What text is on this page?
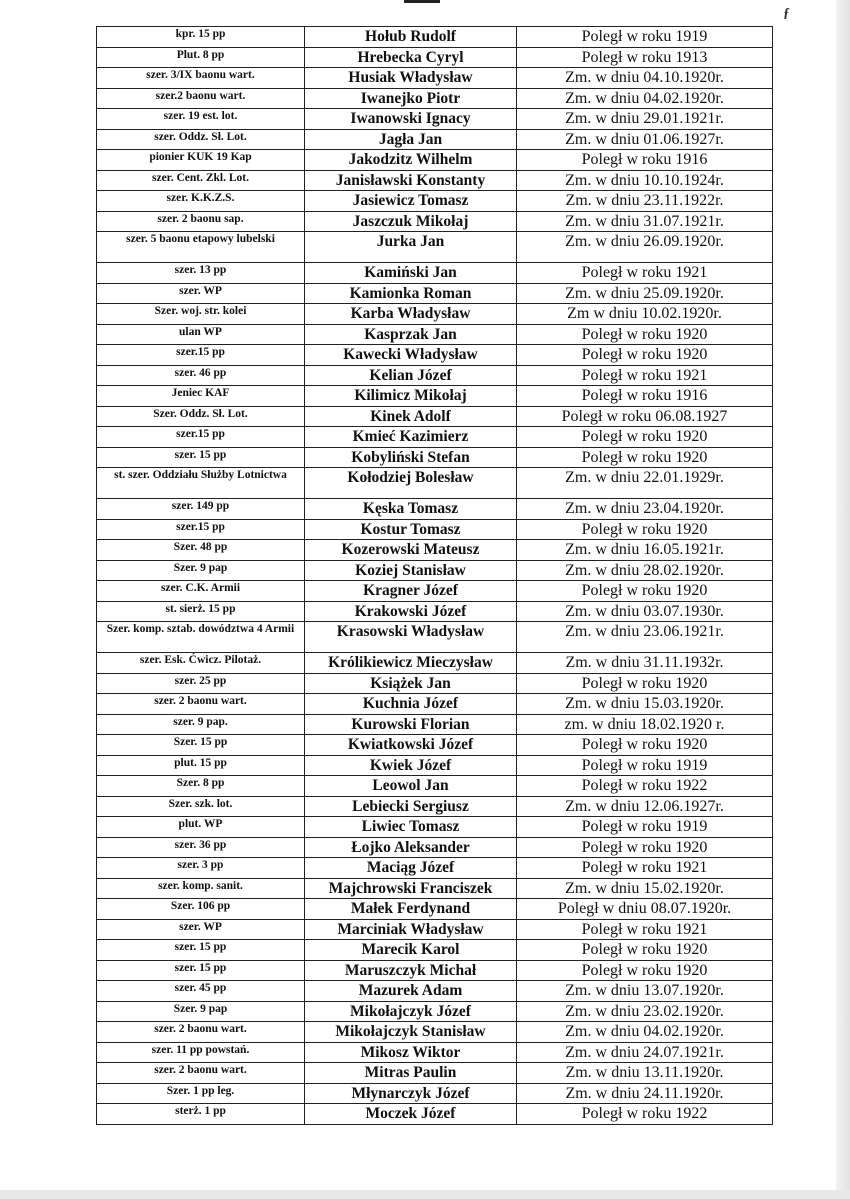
ƒ
kpr. 15 pp	Hołub Rudolf	Poległ w roku 1919
Plut. 8 pp	Hrebecka Cyryl	Poległ w roku 1913
szer. 3/IX baonu wart.	Husiak Władysław	Zm. w dniu 04.10.1920r.
szer.2 baonu wart.	Iwanejko Piotr	Zm. w dniu 04.02.1920r.
szer. 19 est. lot.	Iwanowski Ignacy	Zm. w dniu 29.01.1921r.
szer. Oddz. Sł. Lot.	Jagła Jan	Zm. w dniu 01.06.1927r.
pionier KUK 19 Kap	Jakodzitz Wilhelm	Poległ w roku 1916
szer. Cent. Zkl. Lot.	Janisławski Konstanty	Zm. w dniu 10.10.1924r.
szer. K.K.Z.S.	Jasiewicz Tomasz	Zm. w dniu 23.11.1922r.
szer. 2 baonu sap.	Jaszczuk Mikołaj	Zm. w dniu 31.07.1921r.
szer. 5 baonu etapowy lubelski	Jurka Jan	Zm. w dniu 26.09.1920r.
szer. 13 pp	Kamiński Jan	Poległ w roku 1921
szer. WP	Kamionka Roman	Zm. w dniu 25.09.1920r.
Szer. woj. str. kolei	Karba Władysław	Zm w dniu 10.02.1920r.
ulan WP	Kasprzak Jan	Poległ w roku 1920
szer.15 pp	Kawecki Władysław	Poległ w roku 1920
szer. 46 pp	Kelian Józef	Poległ w roku 1921
Jeniec KAF	Kilimicz Mikołaj	Poległ w roku 1916
Szer. Oddz. Sł. Lot.	Kinek Adolf	Poległ w roku 06.08.1927
szer.15 pp	Kmieć Kazimierz	Poległ w roku 1920
szer. 15 pp	Kobyliński Stefan	Poległ w roku 1920
st. szer. Oddziału Służby Lotnictwa	Kołodziej Bolesław	Zm. w dniu 22.01.1929r.
szer. 149 pp	Kęska Tomasz	Zm. w dniu 23.04.1920r.
szer.15 pp	Kostur Tomasz	Poległ w roku 1920
Szer. 48 pp	Kozerowski Mateusz	Zm. w dniu 16.05.1921r.
Szer. 9 pap	Koziej Stanisław	Zm. w dniu 28.02.1920r.
szer. C.K. Armii	Kragner Józef	Poległ w roku 1920
st. sierż. 15 pp	Krakowski Józef	Zm. w dniu 03.07.1930r.
Szer. komp. sztab. dowództwa 4 Armii	Krasowski Władysław	Zm. w dniu 23.06.1921r.
szer. Esk. Ćwicz. Pilotaż.	Królikiewicz Mieczysław	Zm. w dniu 31.11.1932r.
szer. 25 pp	Książek Jan	Poległ w roku 1920
szer. 2 baonu wart.	Kuchnia Józef	Zm. w dniu 15.03.1920r.
szer. 9 pap.	Kurowski Florian	zm. w dniu 18.02.1920 r.
Szer. 15 pp	Kwiatkowski Józef	Poległ w roku 1920
plut. 15 pp	Kwiek Józef	Poległ w roku 1919
Szer. 8 pp	Leowol Jan	Poległ w roku 1922
Szer. szk. lot.	Lebiecki Sergiusz	Zm. w dniu 12.06.1927r.
plut. WP	Liwiec Tomasz	Poległ w roku 1919
szer. 36 pp	Łojko Aleksander	Poległ w roku 1920
szer. 3 pp	Maciąg Józef	Poległ w roku 1921
szer. komp. sanit.	Majchrowski Franciszek	Zm. w dniu 15.02.1920r.
Szer. 106 pp	Małek Ferdynand	Poległ w dniu 08.07.1920r.
szer. WP	Marciniak Władysław	Poległ w roku 1921
szer. 15 pp	Marecik Karol	Poległ w roku 1920
szer. 15 pp	Maruszczyk Michał	Poległ w roku 1920
szer. 45 pp	Mazurek Adam	Zm. w dniu 13.07.1920r.
Szer. 9 pap	Mikołajczyk Józef	Zm. w dniu 23.02.1920r.
szer. 2 baonu wart.	Mikołajczyk Stanisław	Zm. w dniu 04.02.1920r.
szer. 11 pp powstań.	Mikosz Wiktor	Zm. w dniu 24.07.1921r.
szer. 2 baonu wart.	Mitras Paulin	Zm. w dniu 13.11.1920r.
Szer. 1 pp leg.	Młynarczyk Józef	Zm. w dniu 24.11.1920r.
sterż. 1 pp	Moczek Józef	Poległ w roku 1922
